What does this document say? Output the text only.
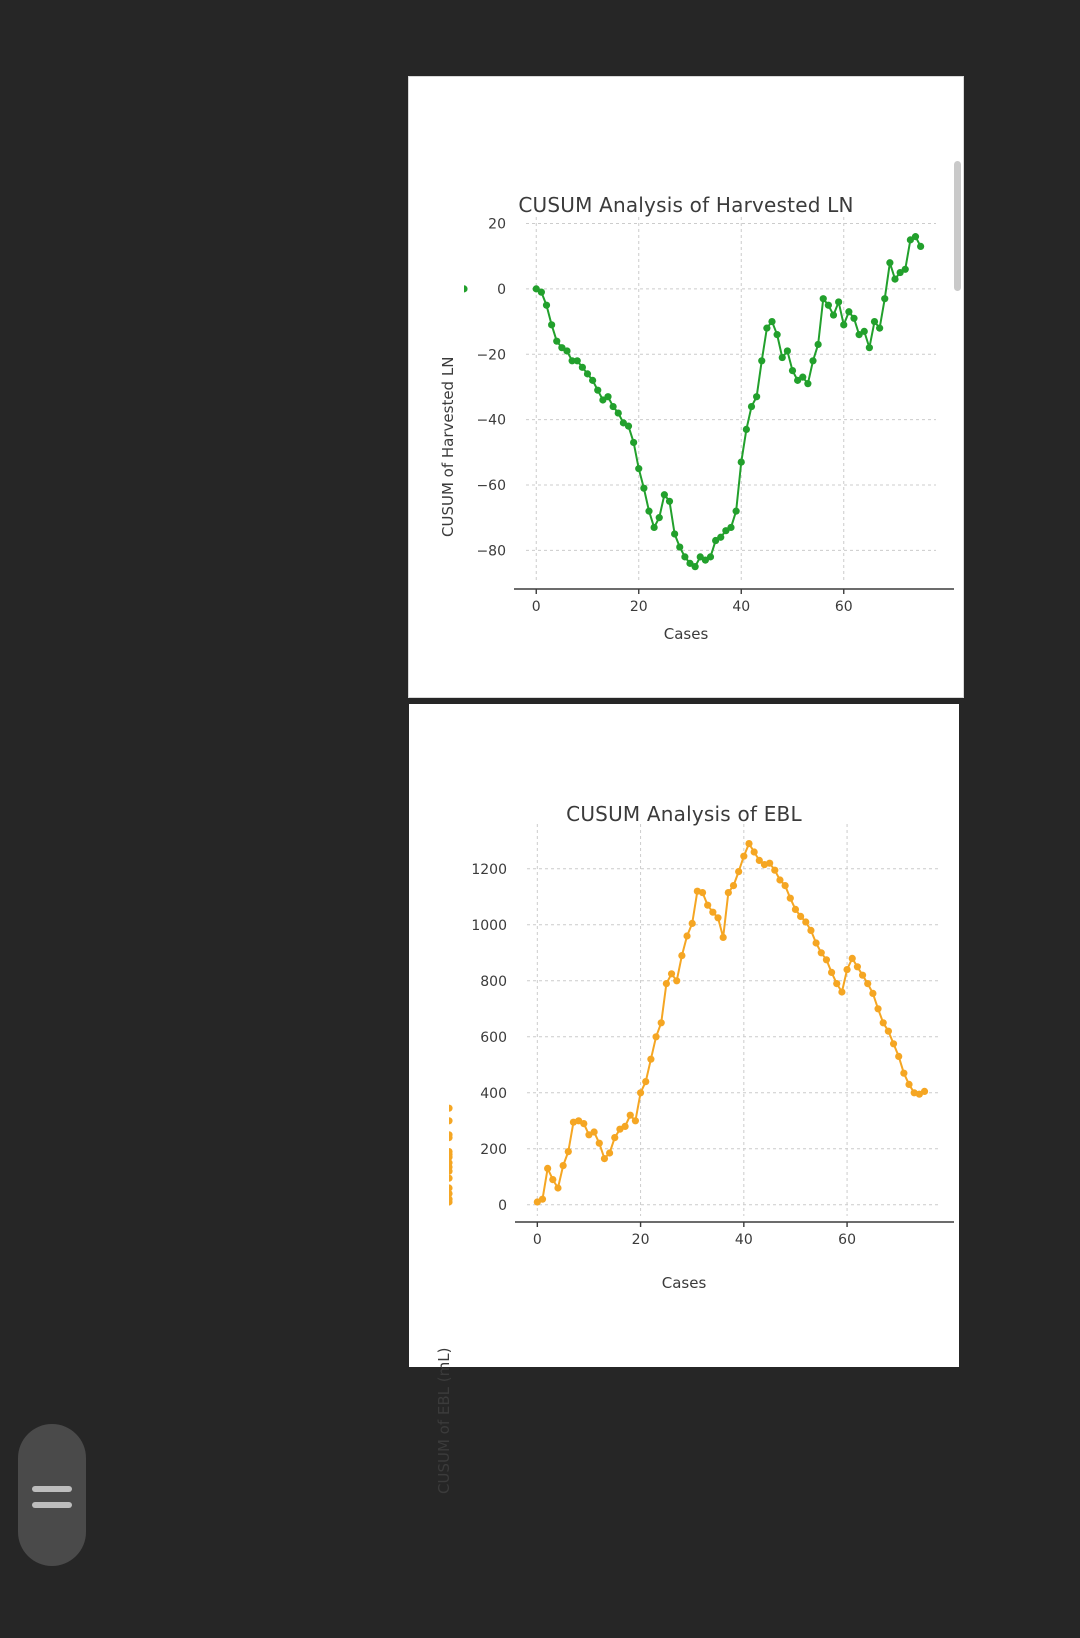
CUSUM Analysis of Harvested LN
CUSUM of Harvested LN
Cases
0	20	40	60
−80
−60
−40
−20
0
20
CUSUM Analysis of EBL
CUSUM of EBL (mL)
Cases
0	20	40	60
0
200
400
600
800
1000
1200
